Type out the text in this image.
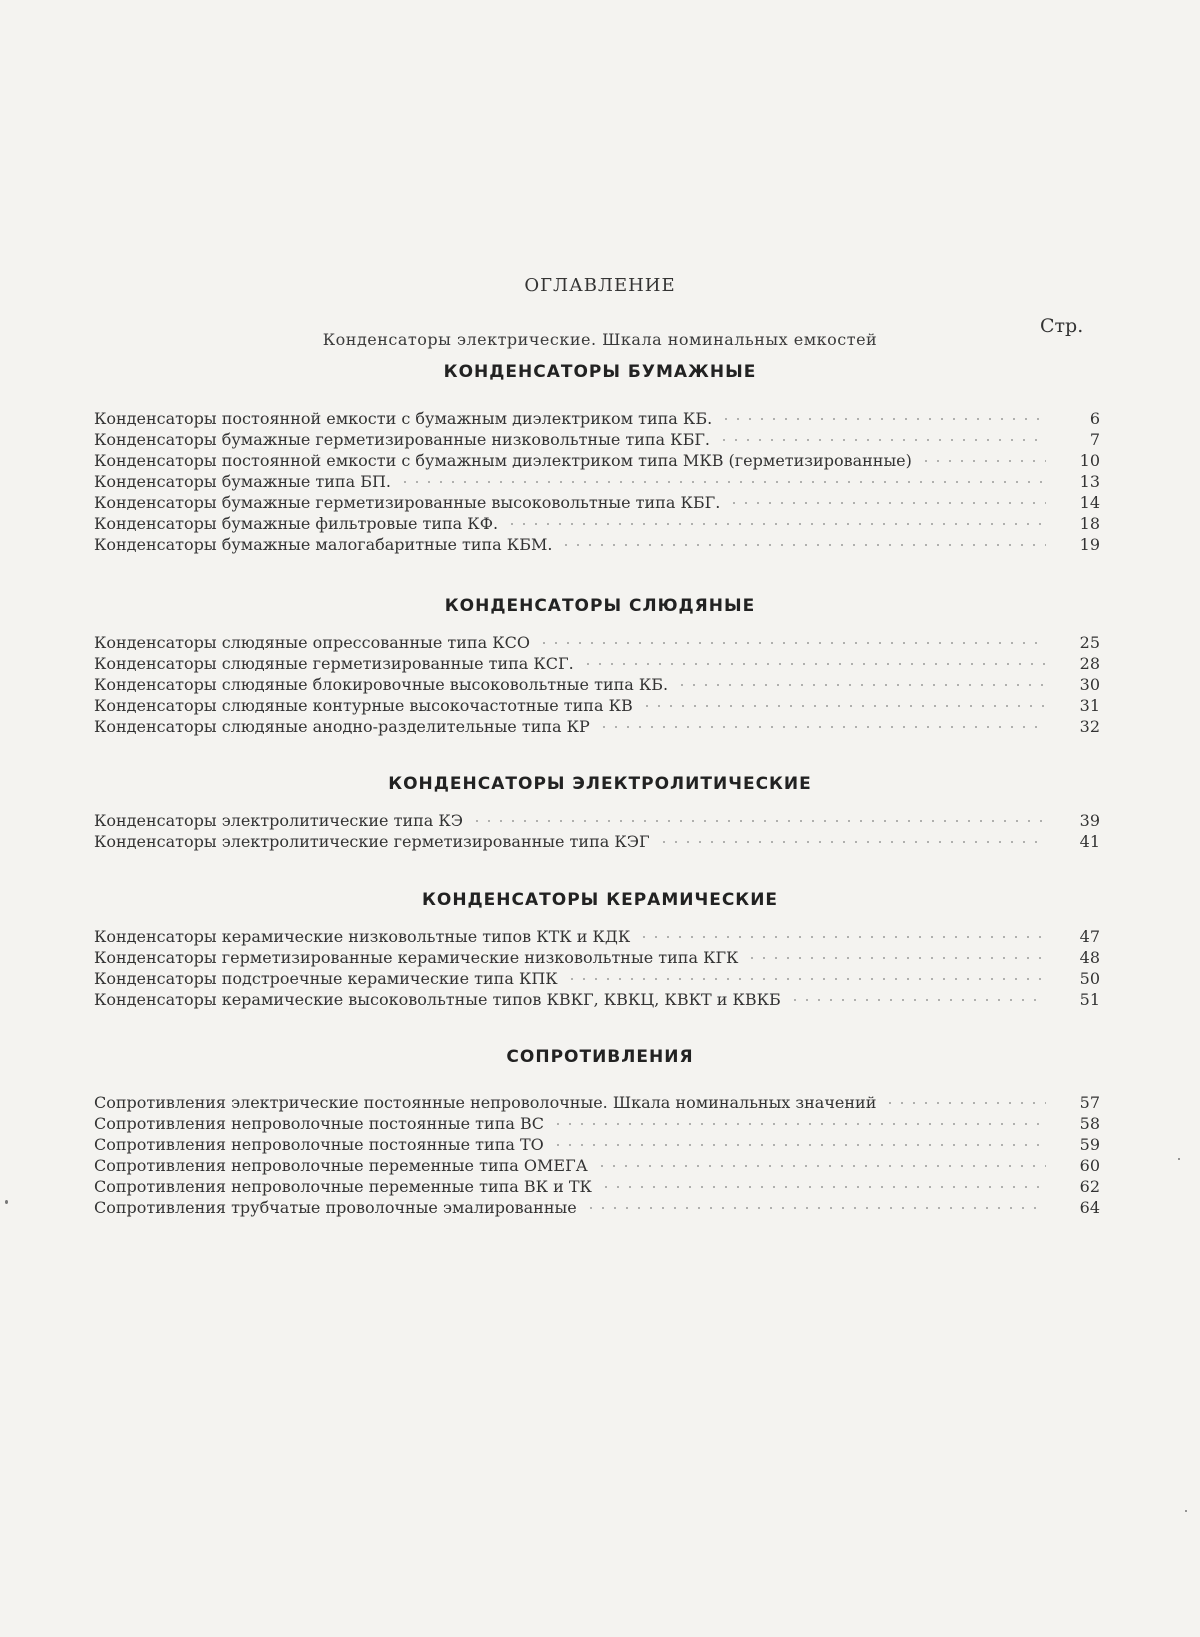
ОГЛАВЛЕНИЕ
Стр.
Конденсаторы электрические. Шкала номинальных емкостей
КОНДЕНСАТОРЫ БУМАЖНЫЕ
Конденсаторы постоянной емкости с бумажным диэлектриком типа КБ.	6
Конденсаторы бумажные герметизированные низковольтные типа КБГ.	7
Конденсаторы постоянной емкости с бумажным диэлектриком типа МКВ (герметизированные)	10
Конденсаторы бумажные типа БП.	13
Конденсаторы бумажные герметизированные высоковольтные типа КБГ.	14
Конденсаторы бумажные фильтровые типа КФ.	18
Конденсаторы бумажные малогабаритные типа КБМ.	19
КОНДЕНСАТОРЫ СЛЮДЯНЫЕ
Конденсаторы слюдяные опрессованные типа КСО	25
Конденсаторы слюдяные герметизированные типа КСГ.	28
Конденсаторы слюдяные блокировочные высоковольтные типа КБ.	30
Конденсаторы слюдяные контурные высокочастотные типа КВ	31
Конденсаторы слюдяные анодно-разделительные типа КР	32
КОНДЕНСАТОРЫ ЭЛЕКТРОЛИТИЧЕСКИЕ
Конденсаторы электролитические типа КЭ	39
Конденсаторы электролитические герметизированные типа КЭГ	41
КОНДЕНСАТОРЫ КЕРАМИЧЕСКИЕ
Конденсаторы керамические низковольтные типов КТК и КДК	47
Конденсаторы герметизированные керамические низковольтные типа КГК	48
Конденсаторы подстроечные керамические типа КПК	50
Конденсаторы керамические высоковольтные типов КВКГ, КВКЦ, КВКТ и КВКБ	51
СОПРОТИВЛЕНИЯ
Сопротивления электрические постоянные непроволочные. Шкала номинальных значений	57
Сопротивления непроволочные постоянные типа ВС	58
Сопротивления непроволочные постоянные типа ТО	59
Сопротивления непроволочные переменные типа ОМЕГА	60
Сопротивления непроволочные переменные типа ВК и ТК	62
Сопротивления трубчатые проволочные эмалированные	64
